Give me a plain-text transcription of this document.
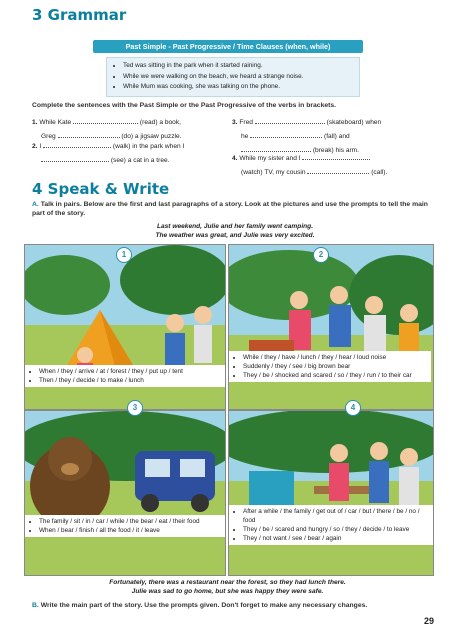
3 Grammar
Past Simple - Past Progressive / Time Clauses (when, while)
• Ted was sitting in the park when it started raining.
• While we were walking on the beach, we heard a strange noise.
• While Mum was cooking, she was talking on the phone.
Complete the sentences with the Past Simple or the Past Progressive of the verbs in brackets.
1. While Kate	(read) a book,
Greg	(do) a jigsaw puzzle.
2. I	(walk) in the park when I
(see) a cat in a tree.
3. Fred	(skateboard) when
he	(fall) and
(break) his arm.
4. While my sister and I
(watch) TV, my cousin	(call).
4 Speak & Write
A. Talk in pairs. Below are the first and last paragraphs of a story. Look at the pictures and use the prompts to tell the main part of the story.
Last weekend, Julie and her family went camping.
The weather was great, and Julie was very excited.
• When / they / arrive / at / forest / they / put up / tent
• Then / they / decide / to make / lunch
1
• While / they / have / lunch / they / hear / loud noise
• Suddenly / they / see / big brown bear
• They / be / shocked and scared / so / they / run / to their car
2
• The family / sit / in / car / while / the bear / eat / their food
• When / bear / finish / all the food / it / leave
3
• After a while / the family / get out of / car / but / there / be / no / food
• They / be / scared and hungry / so / they / decide / to leave
• They / not want / see / bear / again
4
Fortunately, there was a restaurant near the forest, so they had lunch there.
Julie was sad to go home, but she was happy they were safe.
B. Write the main part of the story. Use the prompts given. Don't forget to make any necessary changes.
29
